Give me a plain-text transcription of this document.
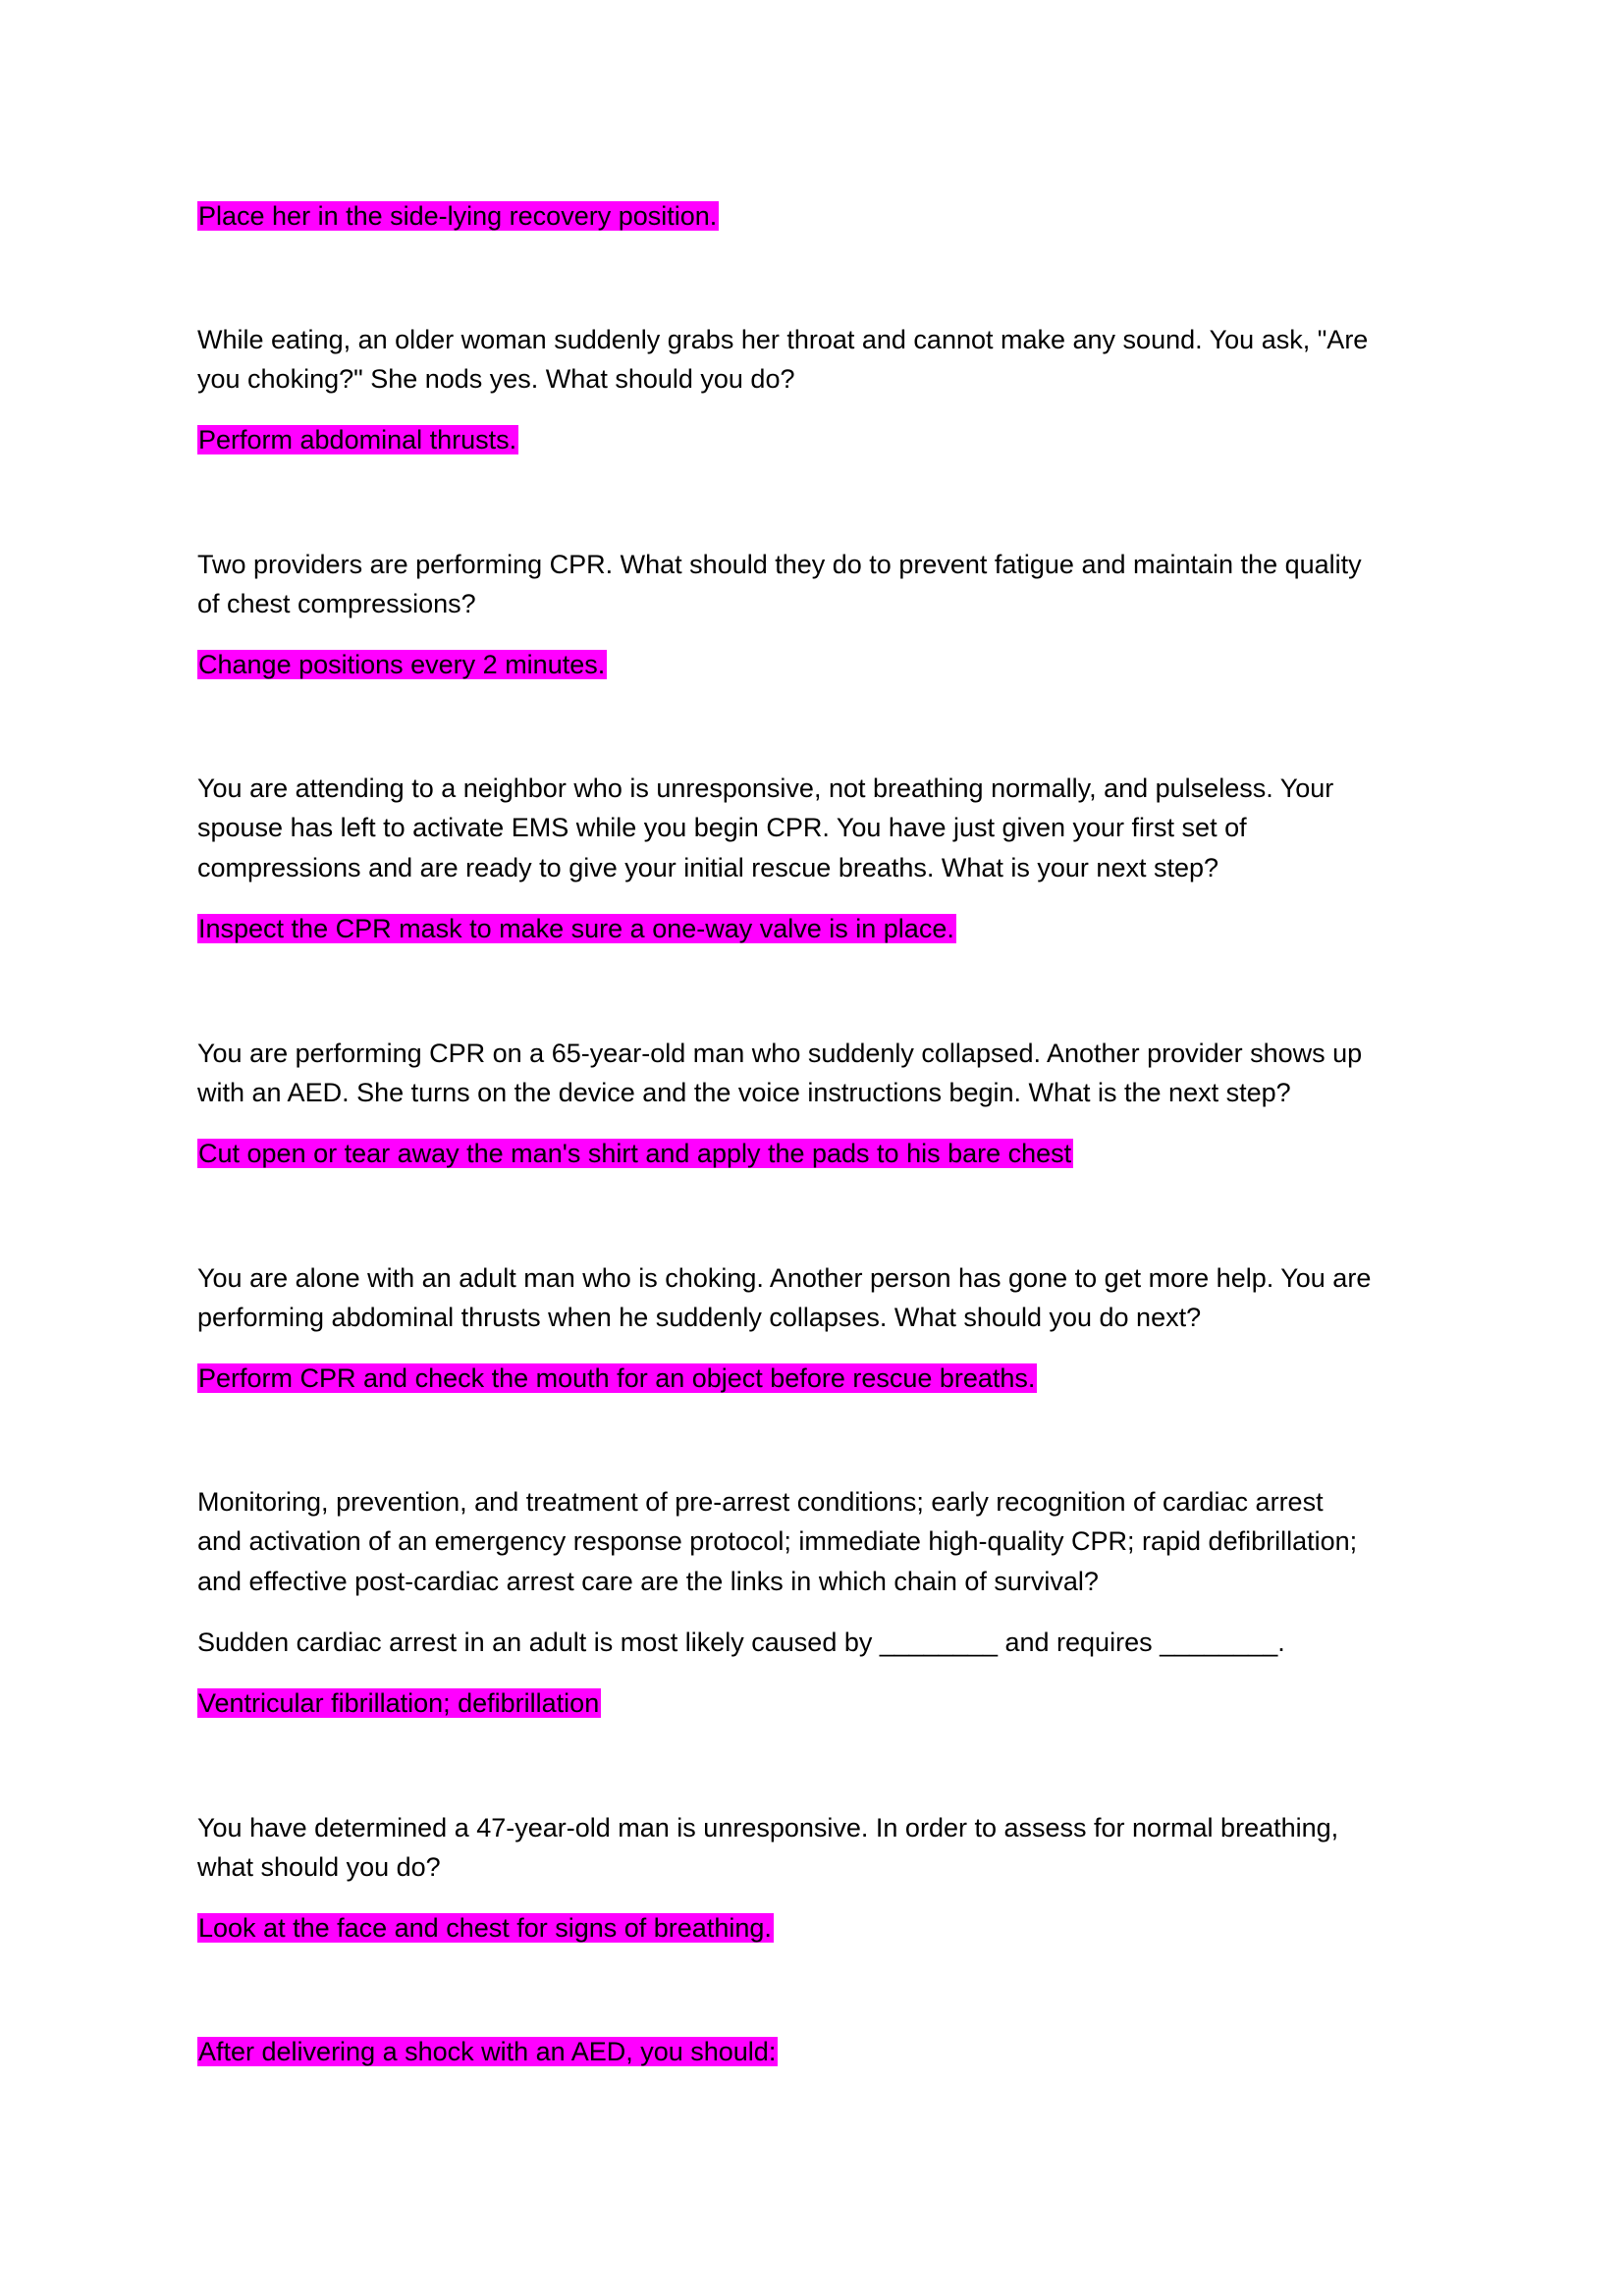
Place her in the side-lying recovery position.
While eating, an older woman suddenly grabs her throat and cannot make any sound. You ask, "Are
you choking?" She nods yes. What should you do?
Perform abdominal thrusts.
Two providers are performing CPR. What should they do to prevent fatigue and maintain the quality
of chest compressions?
Change positions every 2 minutes.
You are attending to a neighbor who is unresponsive, not breathing normally, and pulseless. Your
spouse has left to activate EMS while you begin CPR. You have just given your first set of
compressions and are ready to give your initial rescue breaths. What is your next step?
Inspect the CPR mask to make sure a one-way valve is in place.
You are performing CPR on a 65-year-old man who suddenly collapsed. Another provider shows up
with an AED. She turns on the device and the voice instructions begin. What is the next step?
Cut open or tear away the man's shirt and apply the pads to his bare chest
You are alone with an adult man who is choking. Another person has gone to get more help. You are
performing abdominal thrusts when he suddenly collapses. What should you do next?
Perform CPR and check the mouth for an object before rescue breaths.
Monitoring, prevention, and treatment of pre-arrest conditions; early recognition of cardiac arrest
and activation of an emergency response protocol; immediate high-quality CPR; rapid defibrillation;
and effective post-cardiac arrest care are the links in which chain of survival?
Sudden cardiac arrest in an adult is most likely caused by ________ and requires ________.
Ventricular fibrillation; defibrillation
You have determined a 47-year-old man is unresponsive. In order to assess for normal breathing,
what should you do?
Look at the face and chest for signs of breathing.
After delivering a shock with an AED, you should:
